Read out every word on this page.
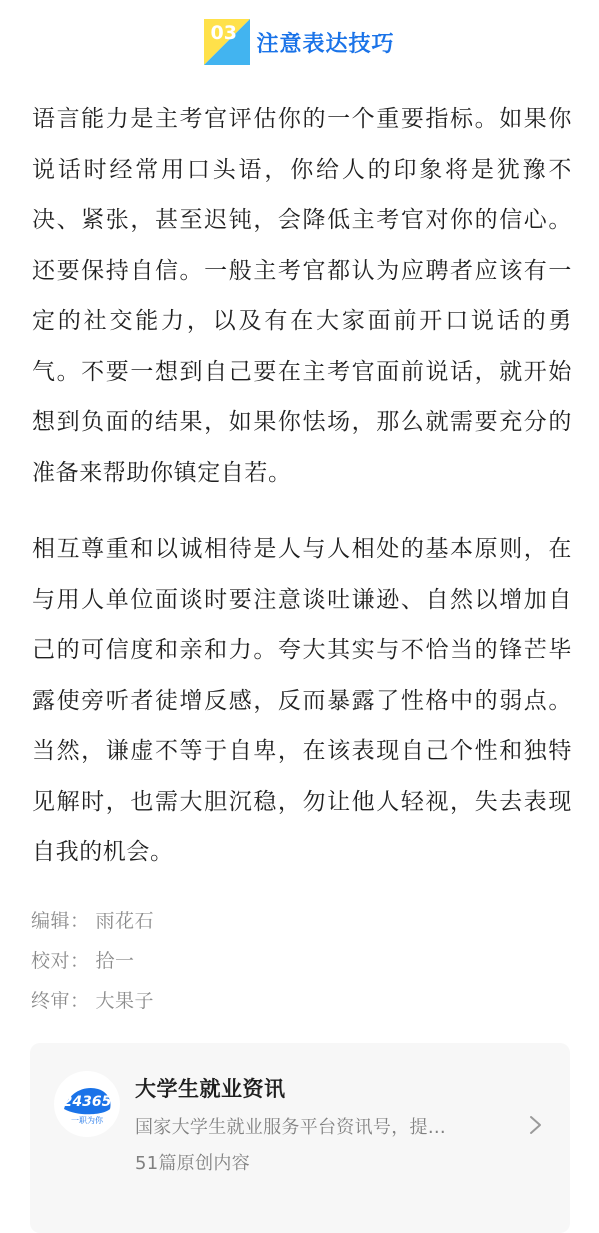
03 注意表达技巧
语言能力是主考官评估你的一个重要指标。如果你说话时经常用口头语，你给人的印象将是犹豫不决、紧张，甚至迟钝，会降低主考官对你的信心。还要保持自信。一般主考官都认为应聘者应该有一定的社交能力，以及有在大家面前开口说话的勇气。不要一想到自己要在主考官面前说话，就开始想到负面的结果，如果你怯场，那么就需要充分的准备来帮助你镇定自若。
相互尊重和以诚相待是人与人相处的基本原则，在与用人单位面谈时要注意谈吐谦逊、自然以增加自己的可信度和亲和力。夸大其实与不恰当的锋芒毕露使旁听者徒增反感，反而暴露了性格中的弱点。当然，谦虚不等于自卑，在该表现自己个性和独特见解时，也需大胆沉稳，勿让他人轻视，失去表现自我的机会。
编辑： 雨花石
校对： 拾一
终审： 大果子
24365
一职为你
大学生就业资讯
国家大学生就业服务平台资讯号，提…
51篇原创内容
